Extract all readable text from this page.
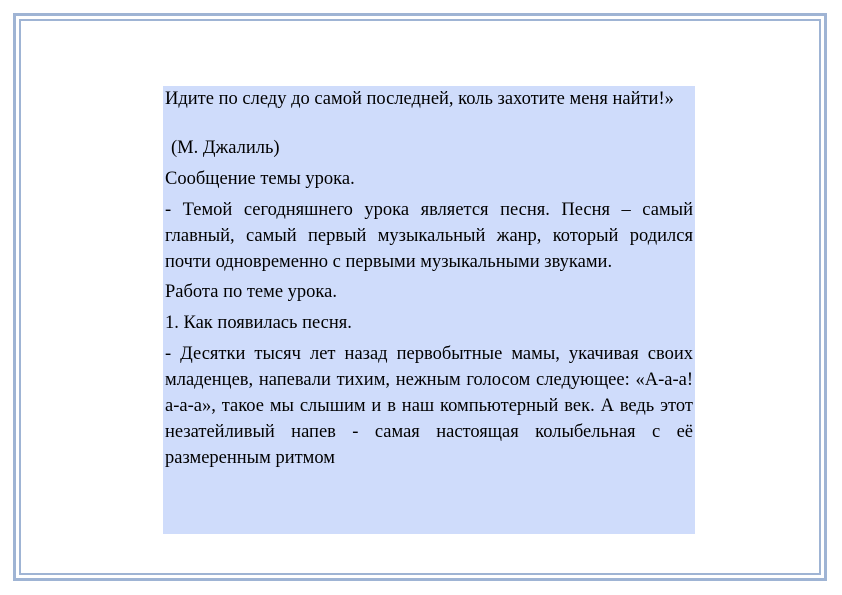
Идите по следу до самой последней, коль захотите меня найти!»

(М. Джалиль)

Сообщение темы урока.

- Темой сегодняшнего урока является песня. Песня – самый главный, самый первый музыкальный жанр, который родился почти одновременно с первыми музыкальными звуками.

Работа по теме урока.

1. Как появилась песня.

- Десятки тысяч лет назад первобытные мамы, укачивая своих младенцев, напевали тихим, нежным голосом следующее: «А-а-а! а-а-а», такое мы слышим и в наш компьютерный век. А ведь этот незатейливый напев - самая настоящая колыбельная с её размеренным ритмом
